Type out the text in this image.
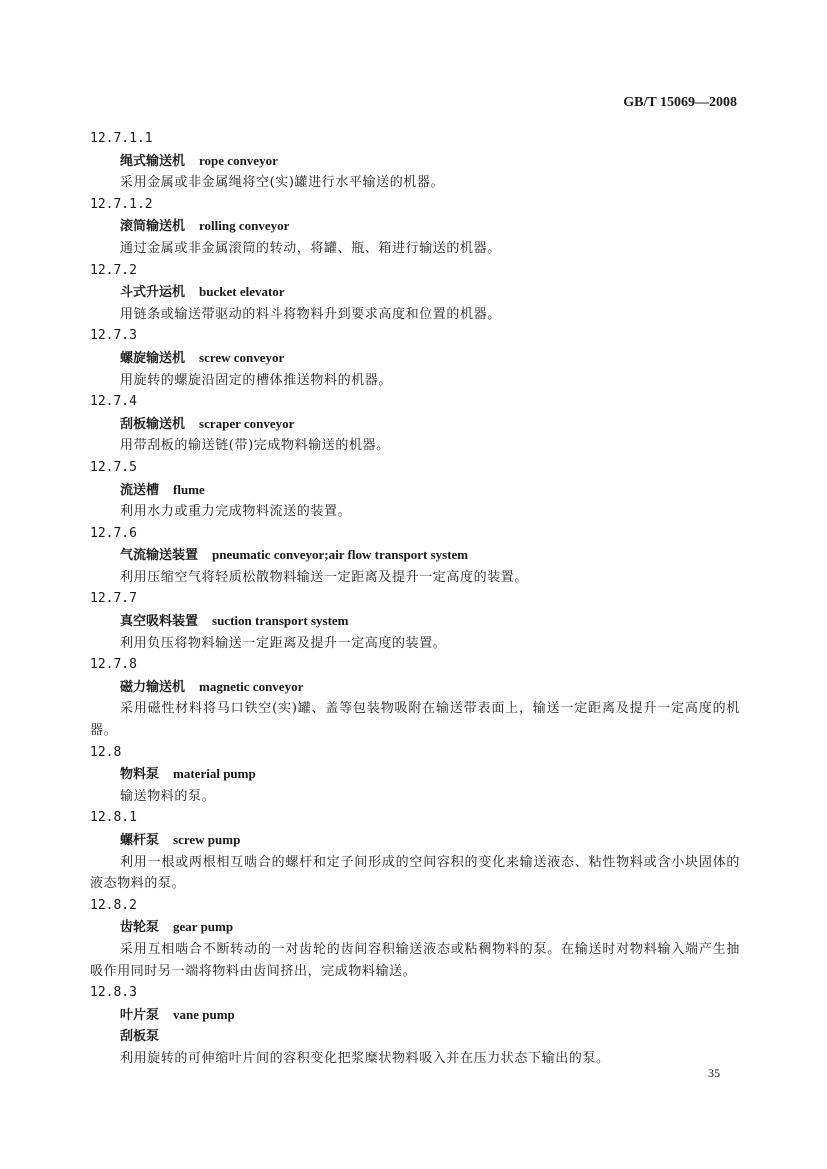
GB/T 15069—2008
12.7.1.1
绳式输送机 rope conveyor
采用金属或非金属绳将空(实)罐进行水平输送的机器。
12.7.1.2
滚筒输送机 rolling conveyor
通过金属或非金属滚筒的转动，将罐、瓶、箱进行输送的机器。
12.7.2
斗式升运机 bucket elevator
用链条或输送带驱动的料斗将物料升到要求高度和位置的机器。
12.7.3
螺旋输送机 screw conveyor
用旋转的螺旋沿固定的槽体推送物料的机器。
12.7.4
刮板输送机 scraper conveyor
用带刮板的输送链(带)完成物料输送的机器。
12.7.5
流送槽 flume
利用水力或重力完成物料流送的装置。
12.7.6
气流输送装置 pneumatic conveyor;air flow transport system
利用压缩空气将轻质松散物料输送一定距离及提升一定高度的装置。
12.7.7
真空吸料装置 suction transport system
利用负压将物料输送一定距离及提升一定高度的装置。
12.7.8
磁力输送机 magnetic conveyor
采用磁性材料将马口铁空(实)罐、盖等包装物吸附在输送带表面上，输送一定距离及提升一定高度的机器。
12.8
物料泵 material pump
输送物料的泵。
12.8.1
螺杆泵 screw pump
利用一根或两根相互啮合的螺杆和定子间形成的空间容积的变化来输送液态、粘性物料或含小块固体的液态物料的泵。
12.8.2
齿轮泵 gear pump
采用互相啮合不断转动的一对齿轮的齿间容积输送液态或粘稠物料的泵。在输送时对物料输入端产生抽吸作用同时另一端将物料由齿间挤出，完成物料输送。
12.8.3
叶片泵 vane pump
刮板泵
利用旋转的可伸缩叶片间的容积变化把浆糜状物料吸入并在压力状态下输出的泵。
35
